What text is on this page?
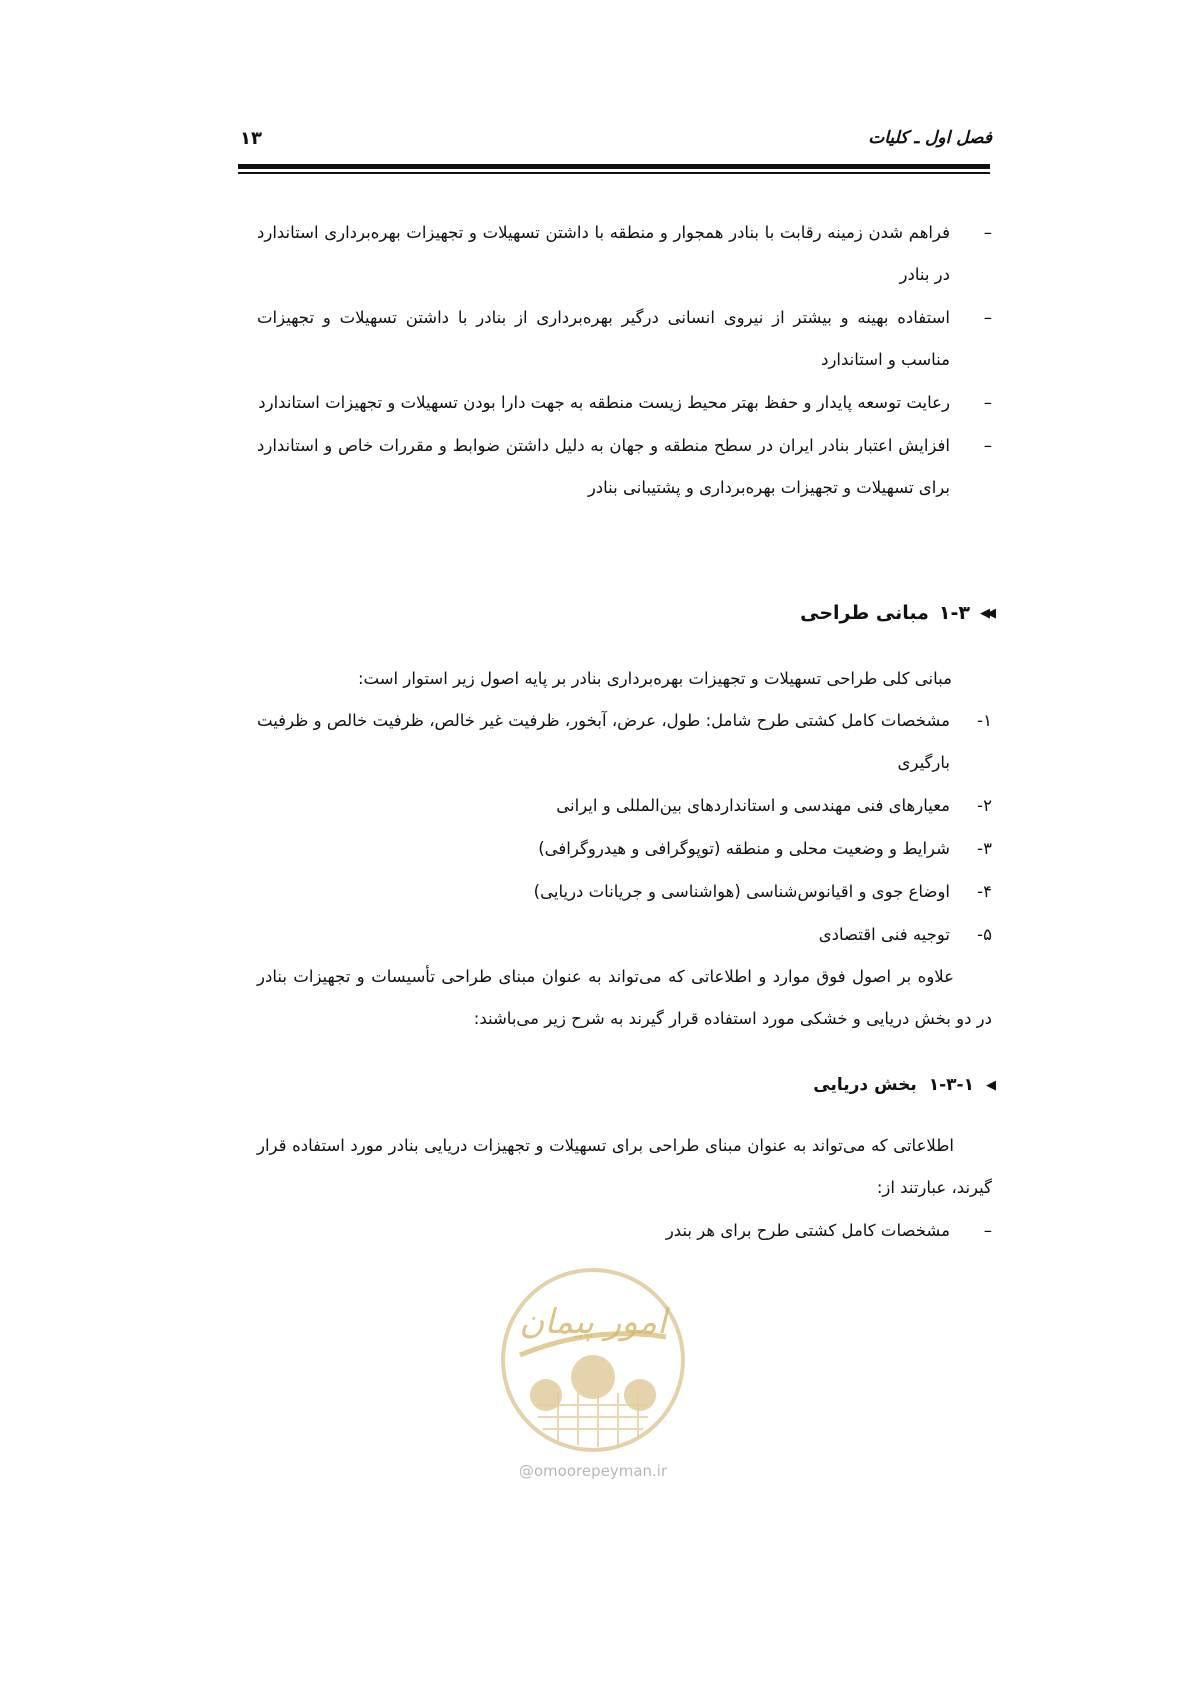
فصل اول ـ کلیات
۱۳
–
فراهم شدن زمینه رقابت با بنادر همجوار و منطقه با داشتن تسهیلات و تجهیزات بهره‌برداری استاندارد در بنادر
–
استفاده بهینه و بیشتر از نیروی انسانی درگیر بهره‌برداری از بنادر با داشتن تسهیلات و تجهیزات مناسب و استاندارد
–
رعایت توسعه پایدار و حفظ بهتر محیط زیست منطقه به جهت دارا بودن تسهیلات و تجهیزات استاندارد
–
افزایش اعتبار بنادر ایران در سطح منطقه و جهان به دلیل داشتن ضوابط و مقررات خاص و استاندارد برای تسهیلات و تجهیزات بهره‌برداری و پشتیبانی بنادر
◀◀
۱-۳
مبانی طراحی
مبانی کلی طراحی تسهیلات و تجهیزات بهره‌برداری بنادر بر پایه اصول زیر استوار است:
۱-
مشخصات کامل کشتی طرح شامل: طول، عرض، آبخور، ظرفیت غیر خالص، ظرفیت خالص و ظرفیت بارگیری
۲-
معیارهای فنی مهندسی و استانداردهای بین‌المللی و ایرانی
۳-
شرایط و وضعیت محلی و منطقه (توپوگرافی و هیدروگرافی)
۴-
اوضاع جوی و اقیانوس‌شناسی (هواشناسی و جریانات دریایی)
۵-
توجیه فنی اقتصادی
علاوه بر اصول فوق موارد و اطلاعاتی که می‌تواند به عنوان مبنای طراحی تأسیسات و تجهیزات بنادر در دو بخش دریایی و خشکی مورد استفاده قرار گیرند به شرح زیر می‌باشند:
◀
۱-۳-۱
بخش دریایی
اطلاعاتی که می‌تواند به عنوان مبنای طراحی برای تسهیلات و تجهیزات دریایی بنادر مورد استفاده قرار گیرند، عبارتند از:
–
مشخصات کامل کشتی طرح برای هر بندر
امور پیمان
@omoorepeyman.ir
